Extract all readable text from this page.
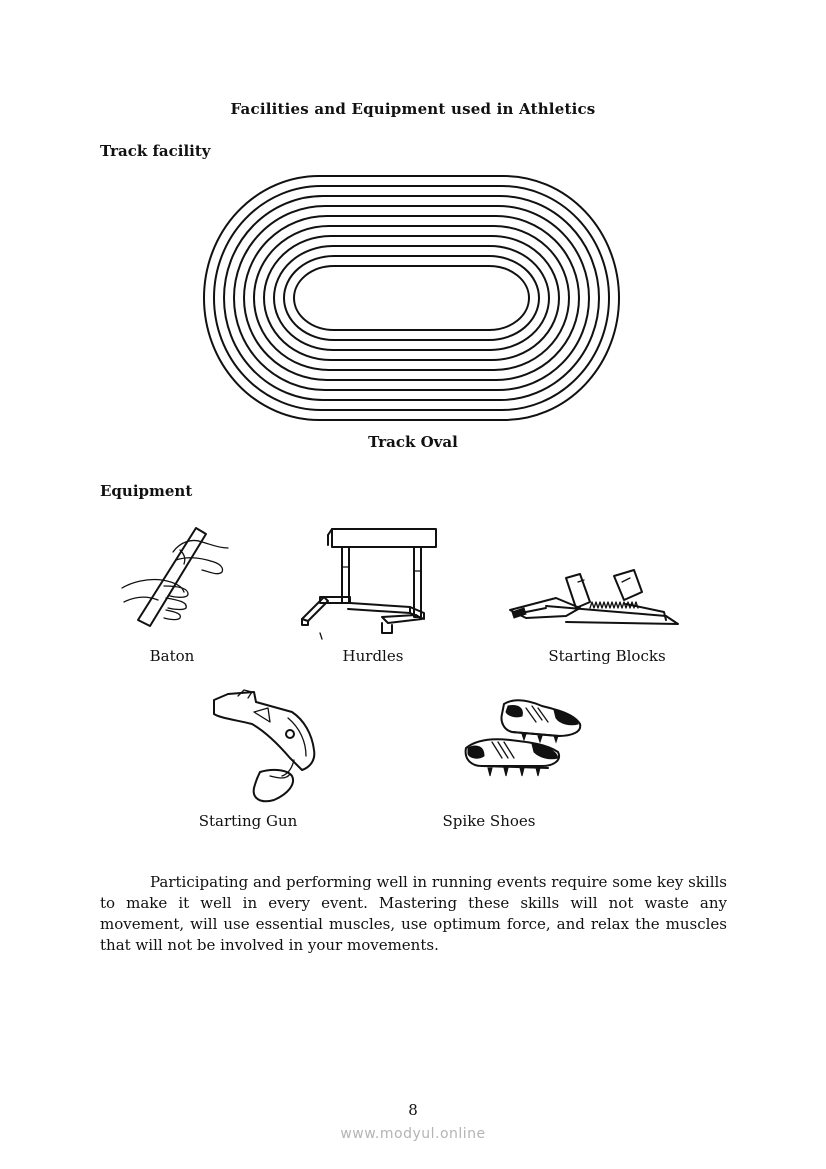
Facilities and Equipment used in Athletics
Track facility
Track Oval
Equipment
Baton	Hurdles	Starting Blocks
Starting Gun	Spike Shoes

Participating and performing well in running events require some key skills to make it well in every event. Mastering these skills will not waste any movement, will use essential muscles, use optimum force, and relax the muscles that will not be involved in your movements.

8
www.modyul.online
